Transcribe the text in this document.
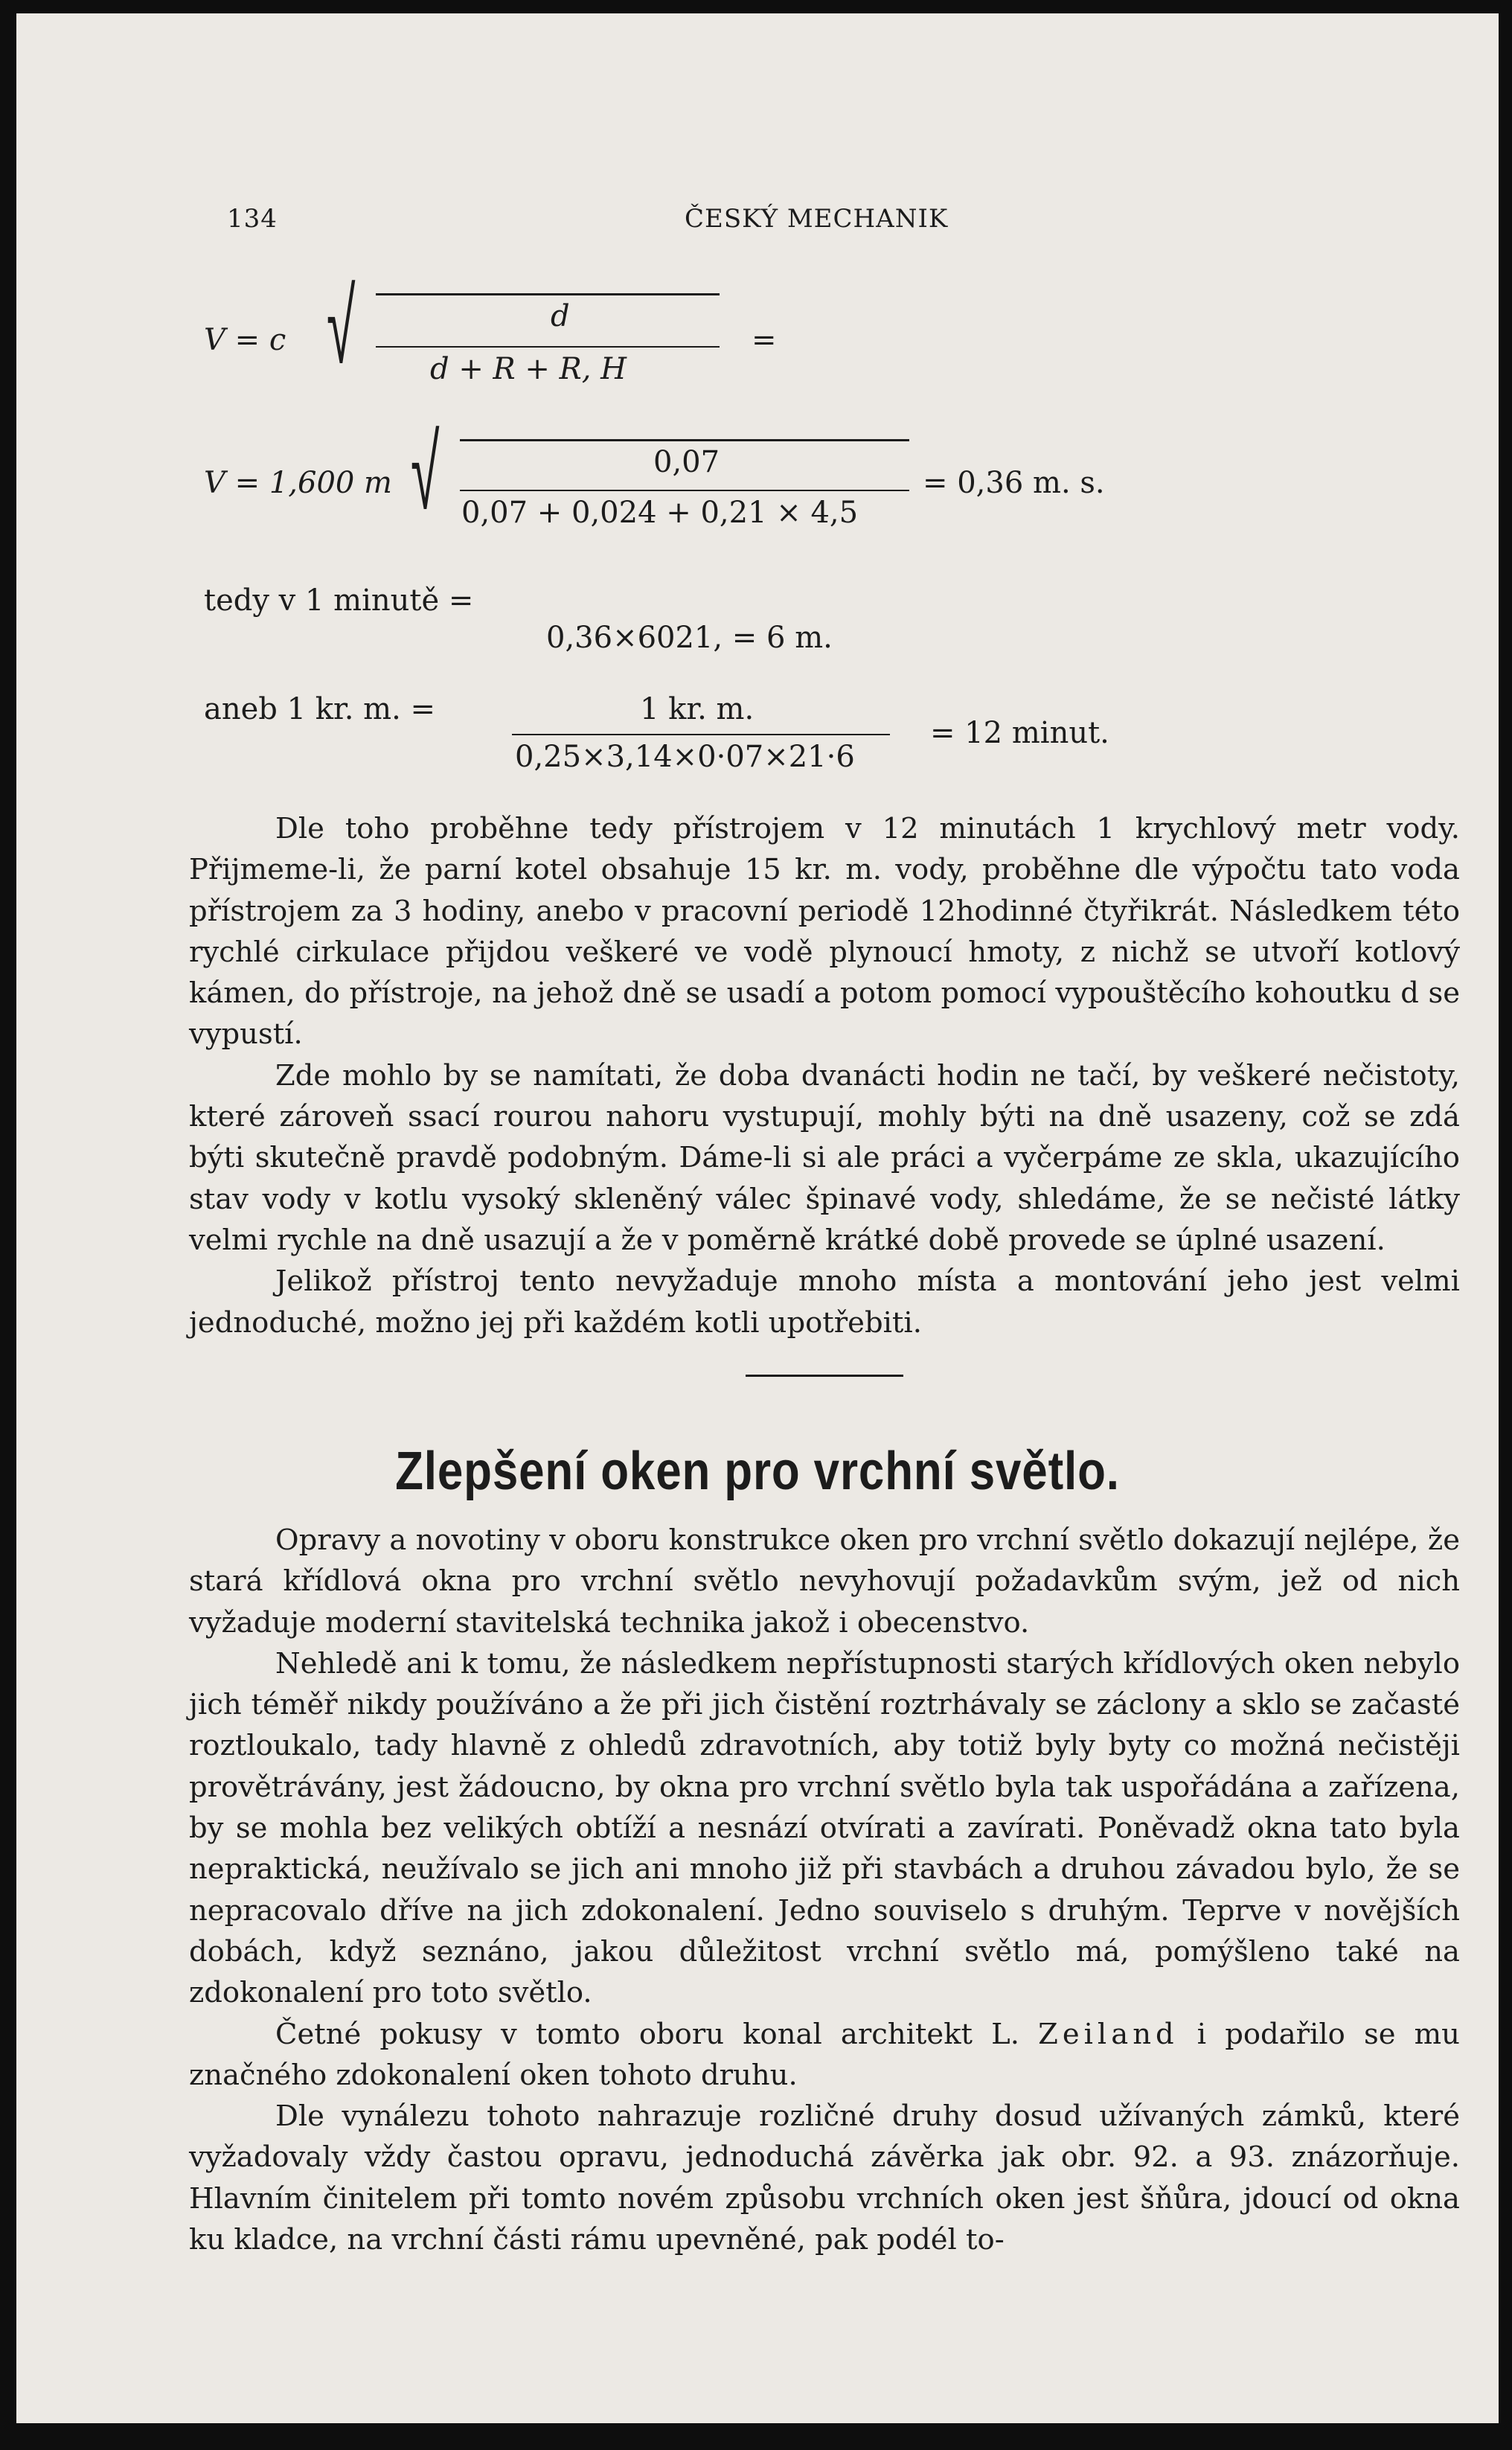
134	ČESKÝ MECHANIK
V = c √	d
d + R + R, H
=
V = 1,600 m √	0,07
0,07 + 0,024 + 0,21 × 4,5
= 0,36 m. s.
tedy v 1 minutě =
0,36×6021, = 6 m.
aneb 1 kr. m. =	1 kr. m.
0,25×3,14×0·07×21·6
= 12 minut.

Dle toho proběhne tedy přístrojem v 12 minutách 1 krychlový metr vody. Přijmeme-li, že parní kotel obsahuje 15 kr. m. vody, proběhne dle výpočtu tato voda přístrojem za 3 hodiny, anebo v pracovní periodě 12hodinné čtyřikrát. Následkem této rychlé cirkulace přijdou veškeré ve vodě plynoucí hmoty, z nichž se utvoří kotlový kámen, do přístroje, na jehož dně se usadí a potom pomocí vypouštěcího kohoutku d se vypustí.

Zde mohlo by se namítati, že doba dvanácti hodin ne tačí, by veškeré nečistoty, které zároveň ssací rourou nahoru vystupují, mohly býti na dně usazeny, což se zdá býti skutečně pravdě podobným. Dáme-li si ale práci a vyčerpáme ze skla, ukazujícího stav vody v kotlu vysoký skleněný válec špinavé vody, shledáme, že se nečisté látky velmi rychle na dně usazují a že v poměrně krátké době provede se úplné usazení.

Jelikož přístroj tento nevyžaduje mnoho místa a montování jeho jest velmi jednoduché, možno jej při každém kotli upotřebiti.

Zlepšení oken pro vrchní světlo.

Opravy a novotiny v oboru konstrukce oken pro vrchní světlo dokazují nejlépe, že stará křídlová okna pro vrchní světlo nevyhovují požadavkům svým, jež od nich vyžaduje moderní stavitelská technika jakož i obecenstvo.

Nehledě ani k tomu, že následkem nepřístupnosti starých křídlových oken nebylo jich téměř nikdy používáno a že při jich čistění roztrhávaly se záclony a sklo se začasté roztloukalo, tady hlavně z ohledů zdravotních, aby totiž byly byty co možná nečistěji provětrávány, jest žádoucno, by okna pro vrchní světlo byla tak uspořádána a zařízena, by se mohla bez velikých obtíží a nesnází otvírati a zavírati. Poněvadž okna tato byla nepraktická, neužívalo se jich ani mnoho již při stavbách a druhou závadou bylo, že se nepracovalo dříve na jich zdokonalení. Jedno souviselo s druhým. Teprve v novějších dobách, když seznáno, jakou důležitost vrchní světlo má, pomýšleno také na zdokonalení pro toto světlo.

Četné pokusy v tomto oboru konal architekt L. Zeiland i podařilo se mu značného zdokonalení oken tohoto druhu.

Dle vynálezu tohoto nahrazuje rozličné druhy dosud užívaných zámků, které vyžadovaly vždy častou opravu, jednoduchá závěrka jak obr. 92. a 93. znázorňuje. Hlavním činitelem při tomto novém způsobu vrchních oken jest šňůra, jdoucí od okna ku kladce, na vrchní části rámu upevněné, pak podél to-
